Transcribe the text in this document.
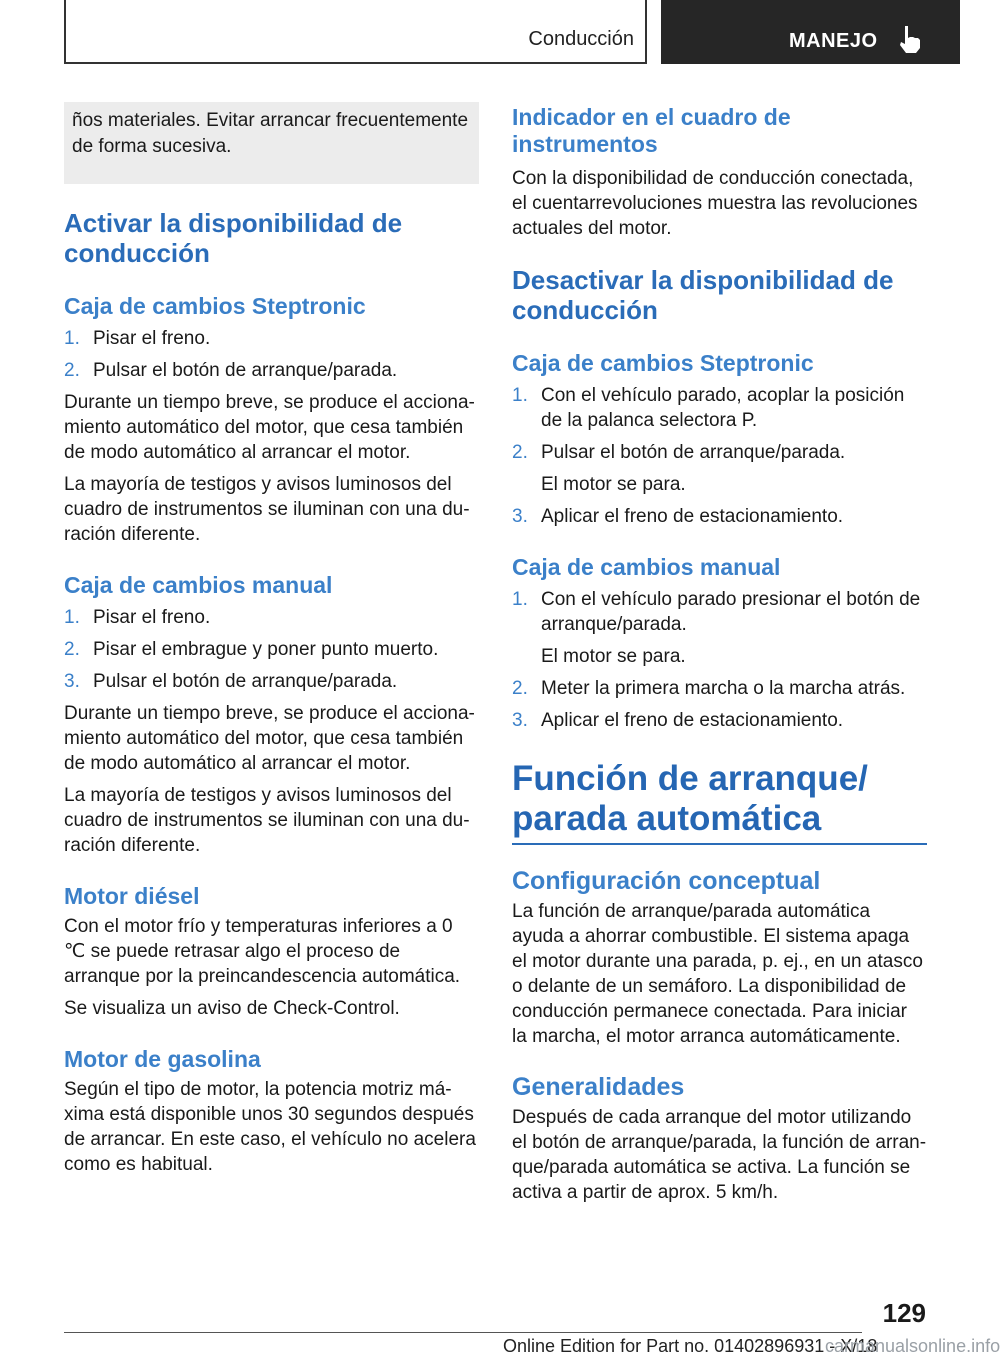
Conducción	MANEJO
ños materiales. Evitar arrancar frecuentemente de forma sucesiva.
Activar la disponibilidad de conducción
Caja de cambios Steptronic
1. Pisar el freno.
2. Pulsar el botón de arranque/parada.

Durante un tiempo breve, se produce el acciona‐ miento automático del motor, que cesa también de modo automático al arrancar el motor.

La mayoría de testigos y avisos luminosos del cuadro de instrumentos se iluminan con una du‐ ración diferente.

Caja de cambios manual
1. Pisar el freno.
2. Pisar el embrague y poner punto muerto.
3. Pulsar el botón de arranque/parada.

Durante un tiempo breve, se produce el acciona‐ miento automático del motor, que cesa también de modo automático al arrancar el motor.

La mayoría de testigos y avisos luminosos del cuadro de instrumentos se iluminan con una du‐ ración diferente.

Motor diésel

Con el motor frío y temperaturas inferiores a 0 ℃ se puede retrasar algo el proceso de arranque por la preincandescencia automática.

Se visualiza un aviso de Check-Control.

Motor de gasolina

Según el tipo de motor, la potencia motriz má‐ xima está disponible unos 30 segundos después de arrancar. En este caso, el vehículo no acelera como es habitual.

Indicador en el cuadro de instrumentos

Con la disponibilidad de conducción conectada, el cuentarrevoluciones muestra las revoluciones actuales del motor.

Desactivar la disponibilidad de conducción
Caja de cambios Steptronic
1. Con el vehículo parado, acoplar la posición de la palanca selectora P.
2. Pulsar el botón de arranque/parada.
El motor se para.
3. Aplicar el freno de estacionamiento.
Caja de cambios manual
1. Con el vehículo parado presionar el botón de arranque/parada.
El motor se para.
2. Meter la primera marcha o la marcha atrás.
3. Aplicar el freno de estacionamiento.
Función de arranque/ parada automática
Configuración conceptual

La función de arranque/parada automática ayuda a ahorrar combustible. El sistema apaga el motor durante una parada, p. ej., en un atasco o delante de un semáforo. La disponibilidad de conducción permanece conectada. Para iniciar la marcha, el motor arranca automáticamente.

Generalidades

Después de cada arranque del motor utilizando el botón de arranque/parada, la función de arran‐ que/parada automática se activa. La función se activa a partir de aprox. 5 km/h.

129
Online Edition for Part no. 01402896931 - X/18
carmanualsonline.info
